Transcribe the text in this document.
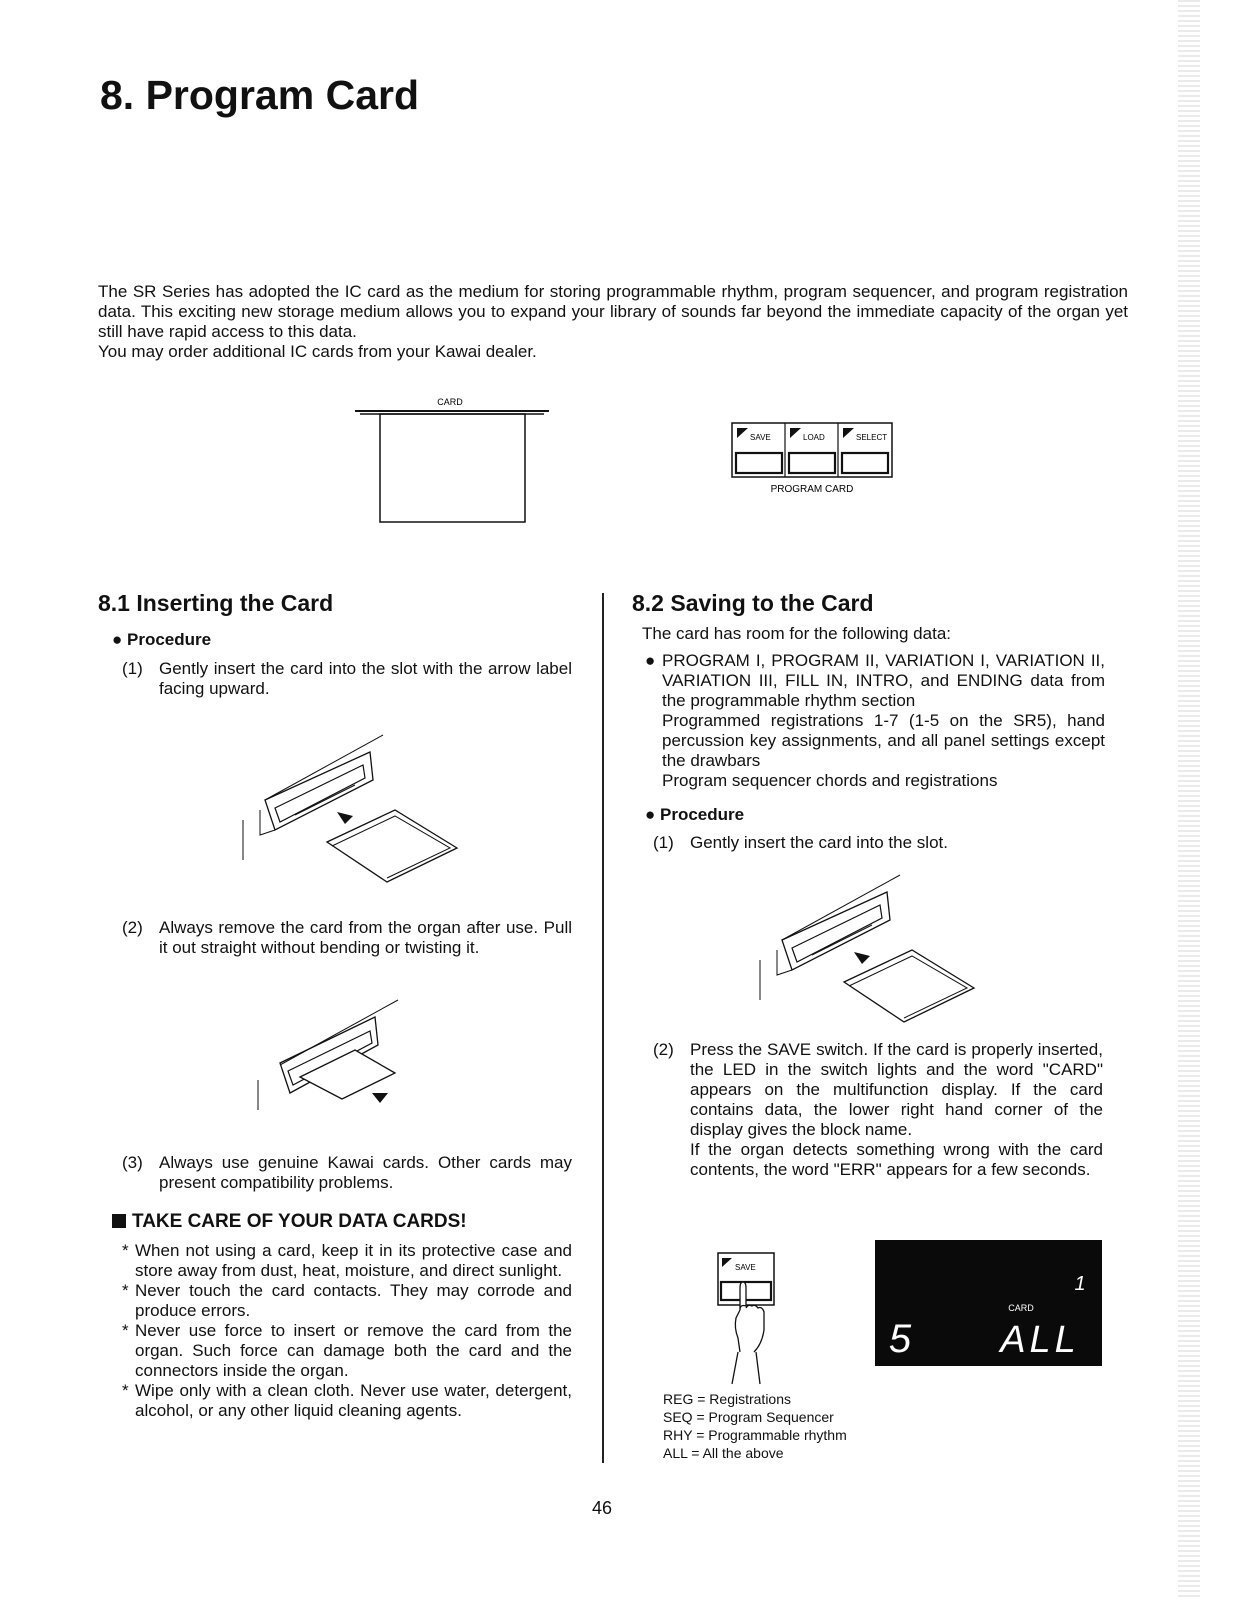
8. Program Card

The SR Series has adopted the IC card as the medium for storing programmable rhythm, program sequencer, and program registration data. This exciting new storage medium allows you to expand your library of sounds far beyond the immediate capacity of the organ yet still have rapid access to this data.

You may order additional IC cards from your Kawai dealer.

CARD
SAVE	LOAD	SELECT
PROGRAM CARD
8.1 Inserting the Card
● Procedure
(1) Gently insert the card into the slot with the arrow label facing upward.
(2) Always remove the card from the organ after use. Pull it out straight without bending or twisting it.
(3) Always use genuine Kawai cards. Other cards may present compatibility problems.
TAKE CARE OF YOUR DATA CARDS!
* When not using a card, keep it in its protective case and store away from dust, heat, moisture, and direct sunlight.
* Never touch the card contacts. They may corrode and produce errors.
* Never use force to insert or remove the card from the organ. Such force can damage both the card and the connectors inside the organ.
* Wipe only with a clean cloth. Never use water, detergent, alcohol, or any other liquid cleaning agents.
8.2 Saving to the Card
The card has room for the following data:
● PROGRAM I, PROGRAM II, VARIATION I, VARIATION II, VARIATION III, FILL IN, INTRO, and ENDING data from the programmable rhythm section
Programmed registrations 1-7 (1-5 on the SR5), hand percussion key assignments, and all panel settings except the drawbars
Program sequencer chords and registrations
● Procedure
(1) Gently insert the card into the slot.
(2) Press the SAVE switch. If the card is properly inserted, the LED in the switch lights and the word "CARD" appears on the multifunction display. If the card contains data, the lower right hand corner of the display gives the block name.
If the organ detects something wrong with the card contents, the word "ERR" appears for a few seconds.
SAVE
1
CARD
5 ALL
REG = Registrations
SEQ = Program Sequencer
RHY = Programmable rhythm
ALL = All the above
46
